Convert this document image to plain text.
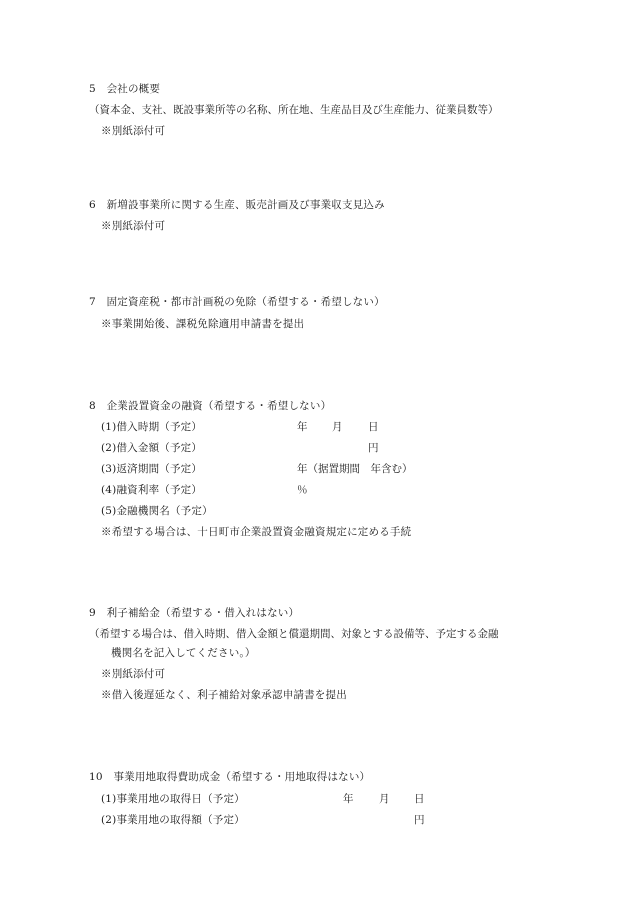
5　会社の概要
（資本金、支社、既設事業所等の名称、所在地、生産品目及び生産能力、従業員数等）
※別紙添付可
6　新増設事業所に関する生産、販売計画及び事業収支見込み
※別紙添付可
7　固定資産税・都市計画税の免除（希望する・希望しない）
※事業開始後、課税免除適用申請書を提出
8　企業設置資金の融資（希望する・希望しない）
(1)借入時期（予定）	年 月 日
(2)借入金額（予定）	円
(3)返済期間（予定）	年（据置期間　年含む）
(4)融資利率（予定）	％
(5)金融機関名（予定）
※希望する場合は、十日町市企業設置資金融資規定に定める手続
9　利子補給金（希望する・借入れはない）
（希望する場合は、借入時期、借入金額と償還期間、対象とする設備等、予定する金融
機関名を記入してください。）
※別紙添付可
※借入後遅延なく、利子補給対象承認申請書を提出
10　事業用地取得費助成金（希望する・用地取得はない）
(1)事業用地の取得日（予定）	年 月 日
(2)事業用地の取得額（予定）	円
